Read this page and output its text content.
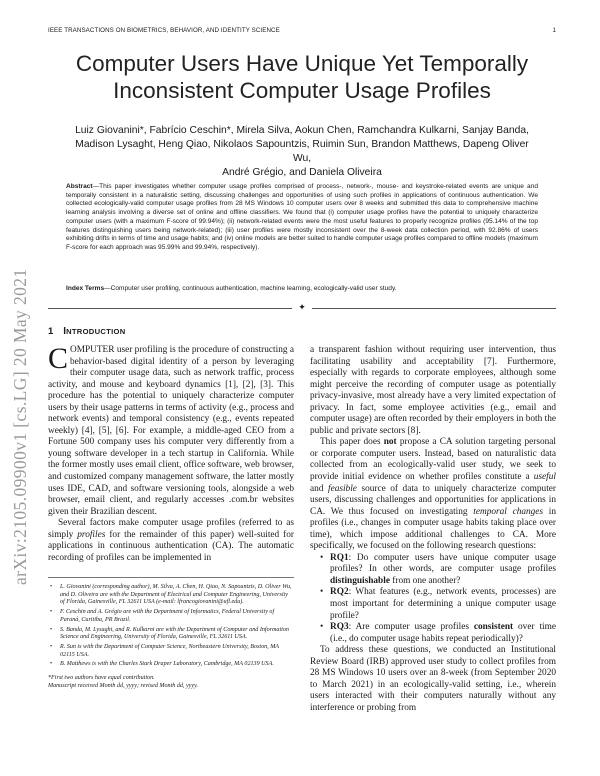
IEEE TRANSACTIONS ON BIOMETRICS, BEHAVIOR, AND IDENTITY SCIENCE	1
arXiv:2105.09900v1 [cs.LG] 20 May 2021
Computer Users Have Unique Yet Temporally Inconsistent Computer Usage Profiles
Luiz Giovanini*, Fabrício Ceschin*, Mirela Silva, Aokun Chen, Ramchandra Kulkarni, Sanjay Banda,
Madison Lysaght, Heng Qiao, Nikolaos Sapountzis, Ruimin Sun, Brandon Matthews, Dapeng Oliver Wu,
André Grégio, and Daniela Oliveira
Abstract—This paper investigates whether computer usage profiles comprised of process-, network-, mouse- and keystroke-related events are unique and temporally consistent in a naturalistic setting, discussing challenges and opportunities of using such profiles in applications of continuous authentication. We collected ecologically-valid computer usage profiles from 28 MS Windows 10 computer users over 8 weeks and submitted this data to comprehensive machine learning analysis involving a diverse set of online and offline classifiers. We found that (i) computer usage profiles have the potential to uniquely characterize computer users (with a maximum F-score of 99.94%); (ii) network-related events were the most useful features to properly recognize profiles (95.14% of the top features distinguishing users being network-related); (iii) user profiles were mostly inconsistent over the 8-week data collection period, with 92.86% of users exhibiting drifts in terms of time and usage habits; and (iv) online models are better suited to handle computer usage profiles compared to offline models (maximum F-score for each approach was 95.99% and 99.94%, respectively).
Index Terms—Computer user profiling, continuous authentication, machine learning, ecologically-valid user study.
✦
1 INTRODUCTION

COMPUTER user profiling is the procedure of constructing a behavior-based digital identity of a person by leveraging their computer usage data, such as network traffic, process activity, and mouse and keyboard dynamics [1], [2], [3]. This procedure has the potential to uniquely characterize computer users by their usage patterns in terms of activity (e.g., process and network events) and temporal consistency (e.g., events repeated weekly) [4], [5], [6]. For example, a middle-aged CEO from a Fortune 500 company uses his computer very differently from a young software developer in a tech startup in California. While the former mostly uses email client, office software, web browser, and customized company management software, the latter mostly uses IDE, CAD, and software versioning tools, alongside a web browser, email client, and regularly accesses .com.br websites given their Brazilian descent.

Several factors make computer usage profiles (referred to as simply profiles for the remainder of this paper) well-suited for applications in continuous authentication (CA). The automatic recording of profiles can be implemented in

• L. Giovanini (corresponding author), M. Silva, A. Chen, H. Qiao, N. Sapountzis, D. Oliver Wu, and D. Oliveira are with the Department of Electrical and Computer Engineering, University of Florida, Gainesville, FL 32611 USA (e-mail: lfrancogiovanini@ufl.edu).
• F. Ceschin and A. Grégio are with the Department of Informatics, Federal University of Paraná, Curitiba, PR Brazil.
• S. Banda, M. Lysaght, and R. Kulkarni are with the Department of Computer and Information Science and Engineering, University of Florida, Gainesville, FL 32611 USA.
• R. Sun is with the Department of Computer Science, Northeastern University, Boston, MA 02115 USA.
• B. Matthews is with the Charles Stark Draper Laboratory, Cambridge, MA 02139 USA.
*First two authors have equal contribution.
Manuscript received Month dd, yyyy; revised Month dd, yyyy.

a transparent fashion without requiring user intervention, thus facilitating usability and acceptability [7]. Furthermore, especially with regards to corporate employees, although some might perceive the recording of computer usage as potentially privacy-invasive, most already have a very limited expectation of privacy. In fact, some employee activities (e.g., email and computer usage) are often recorded by their employers in both the public and private sectors [8].

This paper does not propose a CA solution targeting personal or corporate computer users. Instead, based on naturalistic data collected from an ecologically-valid user study, we seek to provide initial evidence on whether profiles constitute a useful and feasible source of data to uniquely characterize computer users, discussing challenges and opportunities for applications in CA. We thus focused on investigating temporal changes in profiles (i.e., changes in computer usage habits taking place over time), which impose additional challenges to CA. More specifically, we focused on the following research questions:

• RQ1: Do computer users have unique computer usage profiles? In other words, are computer usage profiles distinguishable from one another?

• RQ2: What features (e.g., network events, processes) are most important for determining a unique computer usage profile?

• RQ3: Are computer usage profiles consistent over time (i.e., do computer usage habits repeat periodically)?

To address these questions, we conducted an Institutional Review Board (IRB) approved user study to collect profiles from 28 MS Windows 10 users over an 8-week (from September 2020 to March 2021) in an ecologically-valid setting, i.e., wherein users interacted with their computers naturally without any interference or probing from
